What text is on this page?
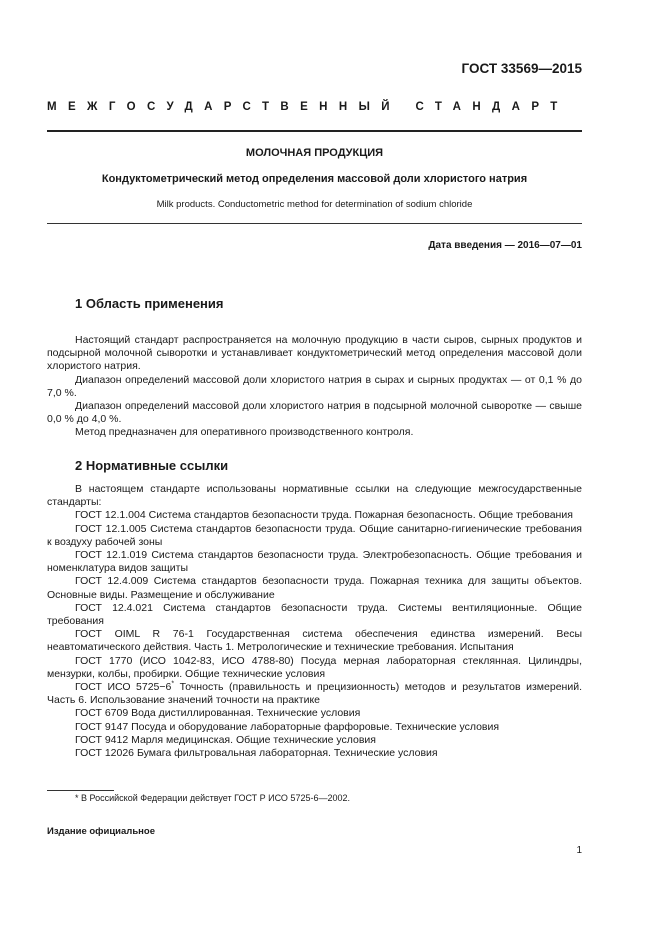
ГОСТ 33569—2015
МЕЖГОСУДАРСТВЕННЫЙ СТАНДАРТ
МОЛОЧНАЯ ПРОДУКЦИЯ
Кондуктометрический метод определения массовой доли хлористого натрия
Milk products. Conductometric method for determination of sodium chloride
Дата введения — 2016—07—01
1 Область применения

Настоящий стандарт распространяется на молочную продукцию в части сыров, сырных продуктов и подсырной молочной сыворотки и устанавливает кондуктометрический метод определения массовой доли хлористого натрия.

Диапазон определений массовой доли хлористого натрия в сырах и сырных продуктах — от 0,1 % до 7,0 %.

Диапазон определений массовой доли хлористого натрия в подсырной молочной сыворотке — свыше 0,0 % до 4,0 %.

Метод предназначен для оперативного производственного контроля.

2 Нормативные ссылки

В настоящем стандарте использованы нормативные ссылки на следующие межгосударственные стандарты:

ГОСТ 12.1.004 Система стандартов безопасности труда. Пожарная безопасность. Общие требования

ГОСТ 12.1.005 Система стандартов безопасности труда. Общие санитарно-гигиенические требования к воздуху рабочей зоны

ГОСТ 12.1.019 Система стандартов безопасности труда. Электробезопасность. Общие требования и номенклатура видов защиты

ГОСТ 12.4.009 Система стандартов безопасности труда. Пожарная техника для защиты объектов. Основные виды. Размещение и обслуживание

ГОСТ 12.4.021 Система стандартов безопасности труда. Системы вентиляционные. Общие требования

ГОСТ OIML R 76-1 Государственная система обеспечения единства измерений. Весы неавтоматического действия. Часть 1. Метрологические и технические требования. Испытания

ГОСТ 1770 (ИСО 1042-83, ИСО 4788-80) Посуда мерная лабораторная стеклянная. Цилиндры, мензурки, колбы, пробирки. Общие технические условия

ГОСТ ИСО 5725−6* Точность (правильность и прецизионность) методов и результатов измерений. Часть 6. Использование значений точности на практике

ГОСТ 6709 Вода дистиллированная. Технические условия

ГОСТ 9147 Посуда и оборудование лабораторные фарфоровые. Технические условия

ГОСТ 9412 Марля медицинская. Общие технические условия

ГОСТ 12026 Бумага фильтровальная лабораторная. Технические условия

* В Российской Федерации действует ГОСТ Р ИСО 5725-6—2002.
Издание официальное
1
